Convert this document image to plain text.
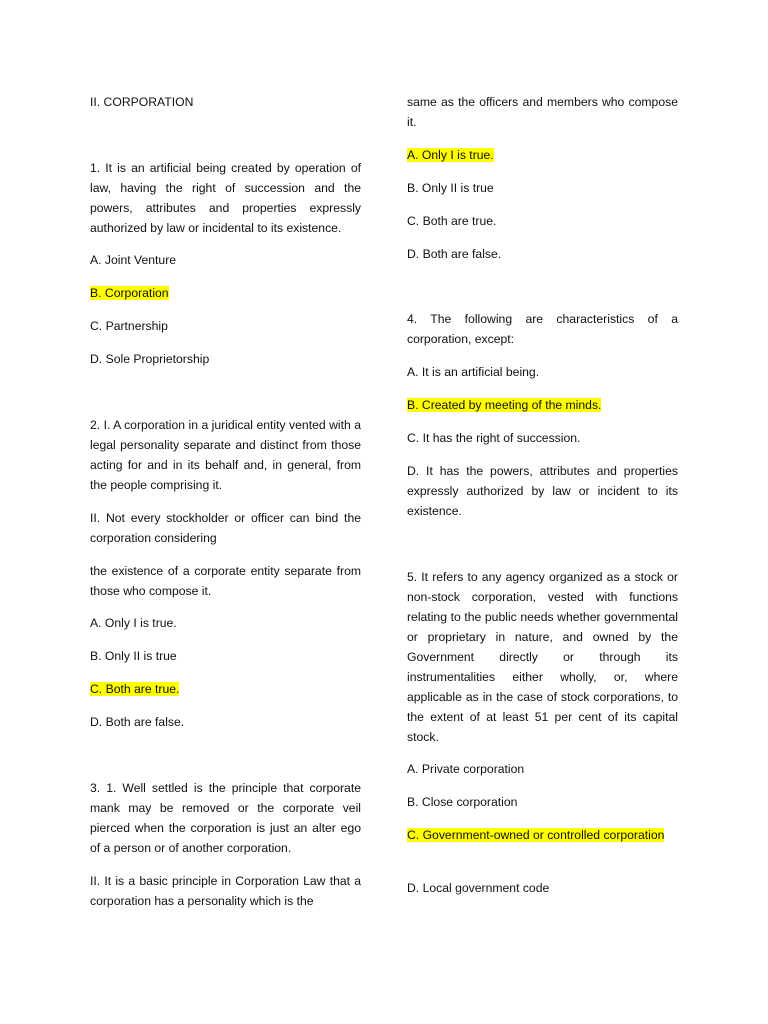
II. CORPORATION

1. It is an artificial being created by operation of law, having the right of succession and the powers, attributes and properties expressly authorized by law or incidental to its existence.

A. Joint Venture

B. Corporation

C. Partnership

D. Sole Proprietorship

2. I. A corporation in a juridical entity vented with a legal personality separate and distinct from those acting for and in its behalf and, in general, from the people comprising it.

II. Not every stockholder or officer can bind the corporation considering

the existence of a corporate entity separate from those who compose it.

A. Only I is true.

B. Only II is true

C. Both are true.

D. Both are false.

3. 1. Well settled is the principle that corporate mank may be removed or the corporate veil pierced when the corporation is just an alter ego of a person or of another corporation.

II. It is a basic principle in Corporation Law that a corporation has a personality which is the

same as the officers and members who compose it.

A. Only I is true.

B. Only II is true

C. Both are true.

D. Both are false.

4. The following are characteristics of a corporation, except:

A. It is an artificial being.

B. Created by meeting of the minds.

C. It has the right of succession.

D. It has the powers, attributes and properties expressly authorized by law or incident to its existence.

5. It refers to any agency organized as a stock or non-stock corporation, vested with functions relating to the public needs whether governmental or proprietary in nature, and owned by the Government directly or through its instrumentalities either wholly, or, where applicable as in the case of stock corporations, to the extent of at least 51 per cent of its capital stock.

A. Private corporation

B. Close corporation

C. Government-owned or controlled corporation

D. Local government code
